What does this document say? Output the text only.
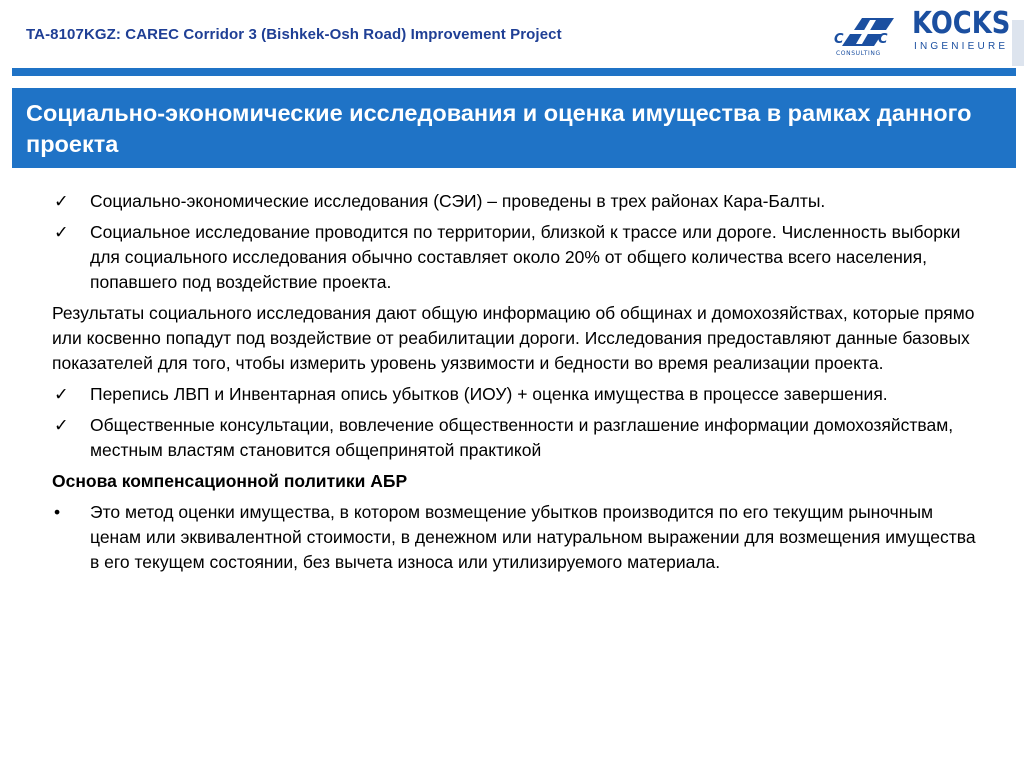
TA-8107KGZ: CAREC Corridor 3 (Bishkek-Osh Road) Improvement Project	C	C
CONSULTING
KOCKS
INGENIEURE
Социально-экономические исследования и оценка имущества в рамках данного проекта
✓	Социально-экономические исследования (СЭИ) – проведены в трех районах Кара-Балты.
✓	Социальное исследование проводится по территории, близкой к трассе или дороге. Численность выборки для социального исследования обычно составляет около 20% от общего количества всего населения, попавшего под воздействие проекта.

Результаты социального исследования дают общую информацию об общинах и домохозяйствах, которые прямо или косвенно попадут под воздействие от реабилитации дороги. Исследования предоставляют данные базовых показателей для того, чтобы измерить уровень уязвимости и бедности во время реализации проекта.

✓	Перепись ЛВП и Инвентарная опись убытков (ИОУ) + оценка имущества в процессе завершения.
✓	Общественные консультации, вовлечение общественности и разглашение информации домохозяйствам, местным властям становится общепринятой практикой

Основа компенсационной политики АБР

•	Это метод оценки имущества, в котором возмещение убытков производится по его текущим рыночным ценам или эквивалентной стоимости, в денежном или натуральном выражении для возмещения имущества в его текущем состоянии, без вычета износа или утилизируемого материала.
